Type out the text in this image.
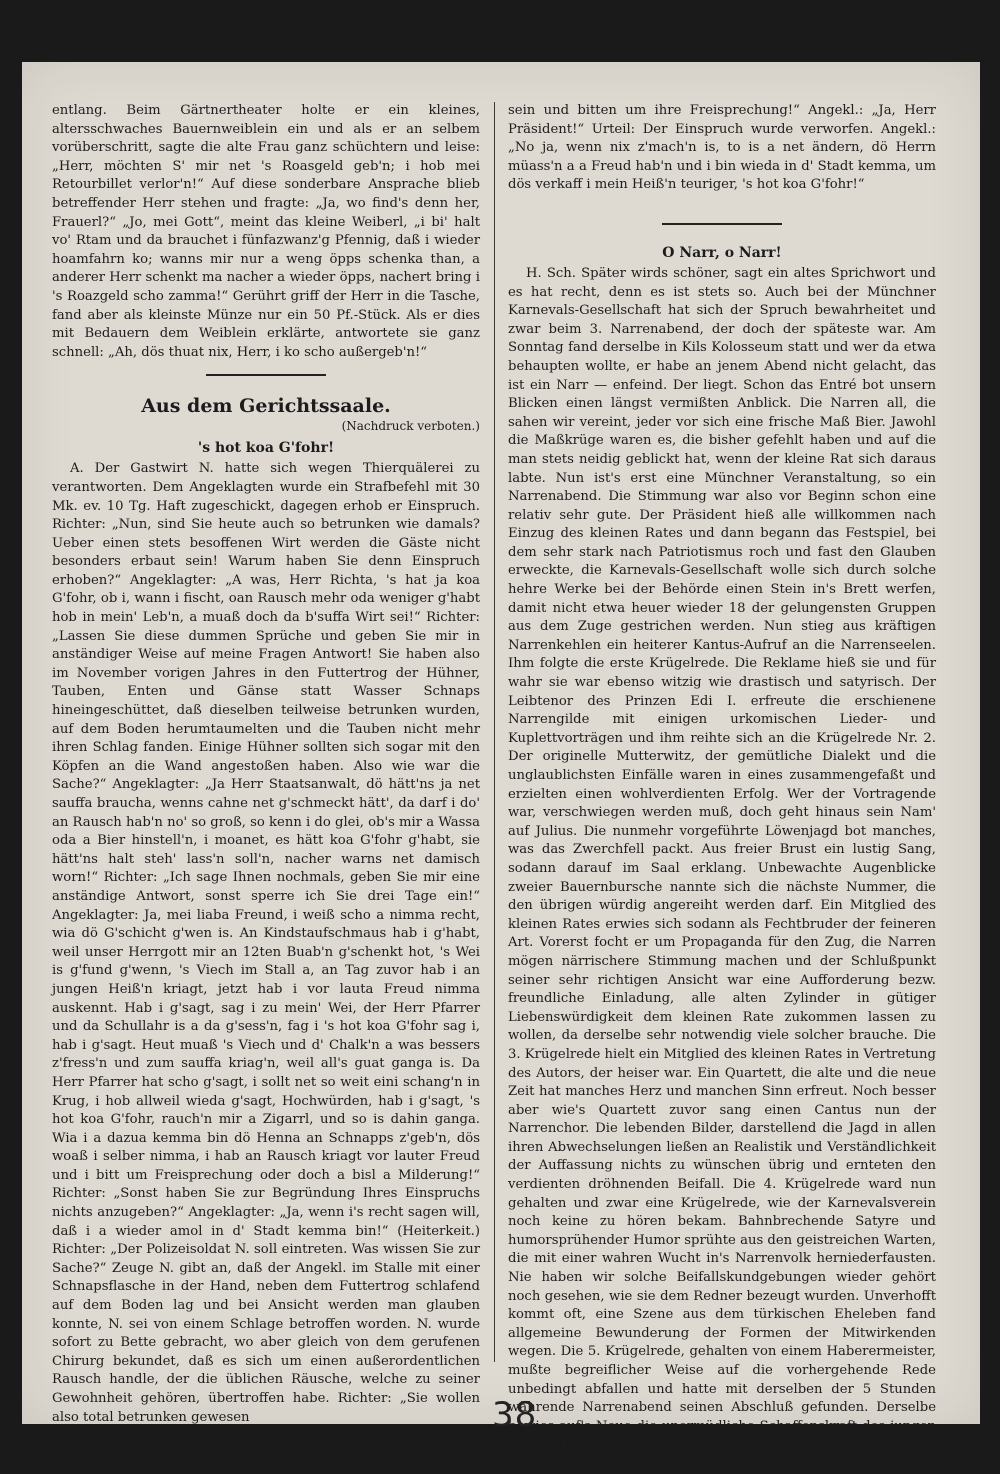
entlang. Beim Gärtnertheater holte er ein kleines, altersschwaches Bauernweiblein ein und als er an selbem vorüberschritt, sagte die alte Frau ganz schüchtern und leise: „Herr, möchten S' mir net 's Roasgeld geb'n; i hob mei Retourbillet verlor'n!“ Auf diese sonderbare Ansprache blieb betreffender Herr stehen und fragte: „Ja, wo find's denn her, Frauerl?“ „Jo, mei Gott“, meint das kleine Weiberl, „i bi' halt vo' Rtam und da brauchet i fünfazwanz'g Pfennig, daß i wieder hoamfahrn ko; wanns mir nur a weng öpps schenka than, a anderer Herr schenkt ma nacher a wieder öpps, nachert bring i 's Roazgeld scho zamma!“ Gerührt griff der Herr in die Tasche, fand aber als kleinste Münze nur ein 50 Pf.-Stück. Als er dies mit Bedauern dem Weiblein erklärte, antwortete sie ganz schnell: „Ah, dös thuat nix, Herr, i ko scho außergeb'n!“

Aus dem Gerichtssaale.
(Nachdruck verboten.)
's hot koa G'fohr!

A. Der Gastwirt N. hatte sich wegen Thierquälerei zu verantworten. Dem Angeklagten wurde ein Strafbefehl mit 30 Mk. ev. 10 Tg. Haft zugeschickt, dagegen erhob er Einspruch. Richter: „Nun, sind Sie heute auch so betrunken wie damals? Ueber einen stets besoffenen Wirt werden die Gäste nicht besonders erbaut sein! Warum haben Sie denn Einspruch erhoben?“ Angeklagter: „A was, Herr Richta, 's hat ja koa G'fohr, ob i, wann i fischt, oan Rausch mehr oda weniger g'habt hob in mein' Leb'n, a muaß doch da b'suffa Wirt sei!“ Richter: „Lassen Sie diese dummen Sprüche und geben Sie mir in anständiger Weise auf meine Fragen Antwort! Sie haben also im November vorigen Jahres in den Futtertrog der Hühner, Tauben, Enten und Gänse statt Wasser Schnaps hineingeschüttet, daß dieselben teilweise betrunken wurden, auf dem Boden herumtaumelten und die Tauben nicht mehr ihren Schlag fanden. Einige Hühner sollten sich sogar mit den Köpfen an die Wand angestoßen haben. Also wie war die Sache?“ Angeklagter: „Ja Herr Staatsanwalt, dö hätt'ns ja net sauffa braucha, wenns cahne net g'schmeckt hätt', da darf i do' an Rausch hab'n no' so groß, so kenn i do glei, ob's mir a Wassa oda a Bier hinstell'n, i moanet, es hätt koa G'fohr g'habt, sie hätt'ns halt steh' lass'n soll'n, nacher warns net damisch worn!“ Richter: „Ich sage Ihnen nochmals, geben Sie mir eine anständige Antwort, sonst sperre ich Sie drei Tage ein!“ Angeklagter: Ja, mei liaba Freund, i weiß scho a nimma recht, wia dö G'schicht g'wen is. An Kindstaufschmaus hab i g'habt, weil unser Herrgott mir an 12ten Buab'n g'schenkt hot, 's Wei is g'fund g'wenn, 's Viech im Stall a, an Tag zuvor hab i an jungen Heiß'n kriagt, jetzt hab i vor lauta Freud nimma auskennt. Hab i g'sagt, sag i zu mein' Wei, der Herr Pfarrer und da Schullahr is a da g'sess'n, fag i 's hot koa G'fohr sag i, hab i g'sagt. Heut muaß 's Viech und d' Chalk'n a was bessers z'fress'n und zum sauffa kriag'n, weil all's guat ganga is. Da Herr Pfarrer hat scho g'sagt, i sollt net so weit eini schang'n in Krug, i hob allweil wieda g'sagt, Hochwürden, hab i g'sagt, 's hot koa G'fohr, rauch'n mir a Zigarrl, und so is dahin ganga. Wia i a dazua kemma bin dö Henna an Schnapps z'geb'n, dös woaß i selber nimma, i hab an Rausch kriagt vor lauter Freud und i bitt um Freisprechung oder doch a bisl a Milderung!“ Richter: „Sonst haben Sie zur Begründung Ihres Einspruchs nichts anzugeben?“ Angeklagter: „Ja, wenn i's recht sagen will, daß i a wieder amol in d' Stadt kemma bin!“ (Heiterkeit.) Richter: „Der Polizeisoldat N. soll eintreten. Was wissen Sie zur Sache?“ Zeuge N. gibt an, daß der Angekl. im Stalle mit einer Schnapsflasche in der Hand, neben dem Futtertrog schlafend auf dem Boden lag und bei Ansicht werden man glauben konnte, N. sei von einem Schlage betroffen worden. N. wurde sofort zu Bette gebracht, wo aber gleich von dem gerufenen Chirurg bekundet, daß es sich um einen außerordentlichen Rausch handle, der die üblichen Räusche, welche zu seiner Gewohnheit gehören, übertroffen habe. Richter: „Sie wollen also total betrunken gewesen

sein und bitten um ihre Freisprechung!“ Angekl.: „Ja, Herr Präsident!“ Urteil: Der Einspruch wurde verworfen. Angekl.: „No ja, wenn nix z'mach'n is, to is a net ändern, dö Herrn müass'n a a Freud hab'n und i bin wieda in d' Stadt kemma, um dös verkaff i mein Heiß'n teuriger, 's hot koa G'fohr!“

O Narr, o Narr!

H. Sch. Später wirds schöner, sagt ein altes Sprichwort und es hat recht, denn es ist stets so. Auch bei der Münchner Karnevals-Gesellschaft hat sich der Spruch bewahrheitet und zwar beim 3. Narrenabend, der doch der späteste war. Am Sonntag fand derselbe in Kils Kolosseum statt und wer da etwa behaupten wollte, er habe an jenem Abend nicht gelacht, das ist ein Narr — enfeind. Der liegt. Schon das Entré bot unsern Blicken einen längst vermißten Anblick. Die Narren all, die sahen wir vereint, jeder vor sich eine frische Maß Bier. Jawohl die Maßkrüge waren es, die bisher gefehlt haben und auf die man stets neidig geblickt hat, wenn der kleine Rat sich daraus labte. Nun ist's erst eine Münchner Veranstaltung, so ein Narrenabend. Die Stimmung war also vor Beginn schon eine relativ sehr gute. Der Präsident hieß alle willkommen nach Einzug des kleinen Rates und dann begann das Festspiel, bei dem sehr stark nach Patriotismus roch und fast den Glauben erweckte, die Karnevals-Gesellschaft wolle sich durch solche hehre Werke bei der Behörde einen Stein in's Brett werfen, damit nicht etwa heuer wieder 18 der gelungensten Gruppen aus dem Zuge gestrichen werden. Nun stieg aus kräftigen Narrenkehlen ein heiterer Kantus-Aufruf an die Narrenseelen. Ihm folgte die erste Krügelrede. Die Reklame hieß sie und für wahr sie war ebenso witzig wie drastisch und satyrisch. Der Leibtenor des Prinzen Edi I. erfreute die erschienene Narrengilde mit einigen urkomischen Lieder- und Kuplettvorträgen und ihm reihte sich an die Krügelrede Nr. 2. Der originelle Mutterwitz, der gemütliche Dialekt und die unglaublichsten Einfälle waren in eines zusammengefaßt und erzielten einen wohlverdienten Erfolg. Wer der Vortragende war, verschwiegen werden muß, doch geht hinaus sein Nam' auf Julius. Die nunmehr vorgeführte Löwenjagd bot manches, was das Zwerchfell packt. Aus freier Brust ein lustig Sang, sodann darauf im Saal erklang. Unbewachte Augenblicke zweier Bauernbursche nannte sich die nächste Nummer, die den übrigen würdig angereiht werden darf. Ein Mitglied des kleinen Rates erwies sich sodann als Fechtbruder der feineren Art. Vorerst focht er um Propaganda für den Zug, die Narren mögen närrischere Stimmung machen und der Schlußpunkt seiner sehr richtigen Ansicht war eine Aufforderung bezw. freundliche Einladung, alle alten Zylinder in gütiger Liebenswürdigkeit dem kleinen Rate zukommen lassen zu wollen, da derselbe sehr notwendig viele solcher brauche. Die 3. Krügelrede hielt ein Mitglied des kleinen Rates in Vertretung des Autors, der heiser war. Ein Quartett, die alte und die neue Zeit hat manches Herz und manchen Sinn erfreut. Noch besser aber wie's Quartett zuvor sang einen Cantus nun der Narrenchor. Die lebenden Bilder, darstellend die Jagd in allen ihren Abwechselungen ließen an Realistik und Verständlichkeit der Auffassung nichts zu wünschen übrig und ernteten den verdienten dröhnenden Beifall. Die 4. Krügelrede ward nun gehalten und zwar eine Krügelrede, wie der Karnevalsverein noch keine zu hören bekam. Bahnbrechende Satyre und humorsprühender Humor sprühte aus den geistreichen Warten, die mit einer wahren Wucht in's Narrenvolk herniederfausten. Nie haben wir solche Beifallskundgebungen wieder gehört noch gesehen, wie sie dem Redner bezeugt wurden. Unverhofft kommt oft, eine Szene aus dem türkischen Eheleben fand allgemeine Bewunderung der Formen der Mitwirkenden wegen. Die 5. Krügelrede, gehalten von einem Haberermeister, mußte begreiflicher Weise auf die vorhergehende Rede unbedingt abfallen und hatte mit derselben der 5 Stunden währende Narrenabend seinen Abschluß gefunden. Derselbe bewies auf's Neue die unermüdliche Schaffenskraft des jungen aber starken Vereines, der, wie es sich zeigte, die Unterstützung

38
